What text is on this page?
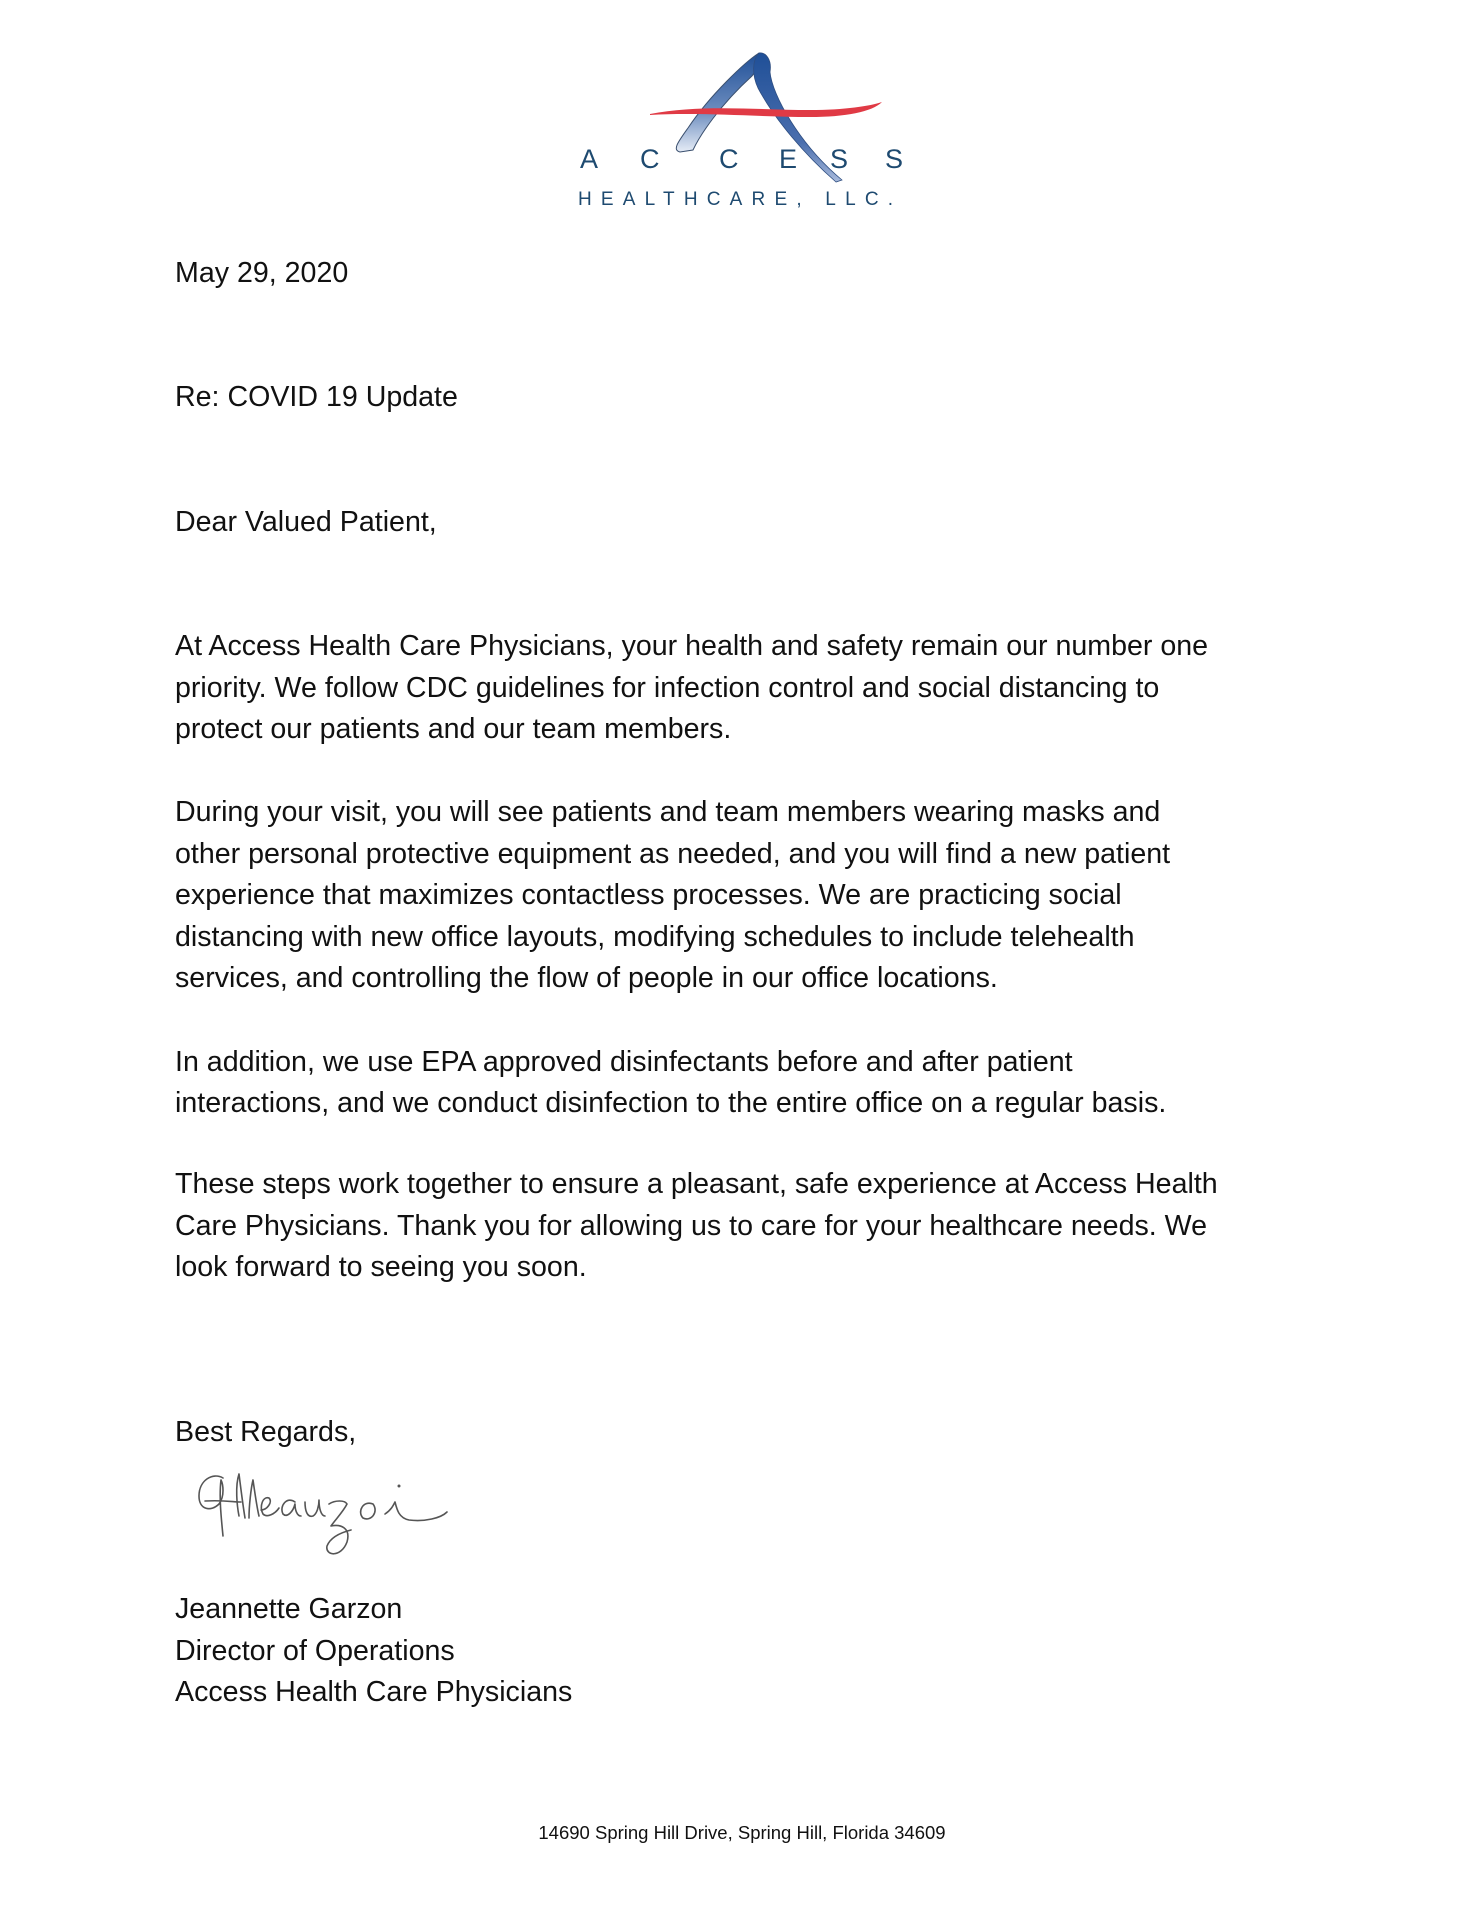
A C C E S S
HEALTHCARE, LLC.
May 29, 2020
Re: COVID 19 Update
Dear Valued Patient,
At Access Health Care Physicians, your health and safety remain our number one
priority. We follow CDC guidelines for infection control and social distancing to
protect our patients and our team members.
During your visit, you will see patients and team members wearing masks and
other personal protective equipment as needed, and you will find a new patient
experience that maximizes contactless processes. We are practicing social
distancing with new office layouts, modifying schedules to include telehealth
services, and controlling the flow of people in our office locations.
In addition, we use EPA approved disinfectants before and after patient
interactions, and we conduct disinfection to the entire office on a regular basis.
These steps work together to ensure a pleasant, safe experience at Access Health
Care Physicians. Thank you for allowing us to care for your healthcare needs. We
look forward to seeing you soon.
Best Regards,
Jeannette Garzon
Director of Operations
Access Health Care Physicians
14690 Spring Hill Drive, Spring Hill, Florida 34609
